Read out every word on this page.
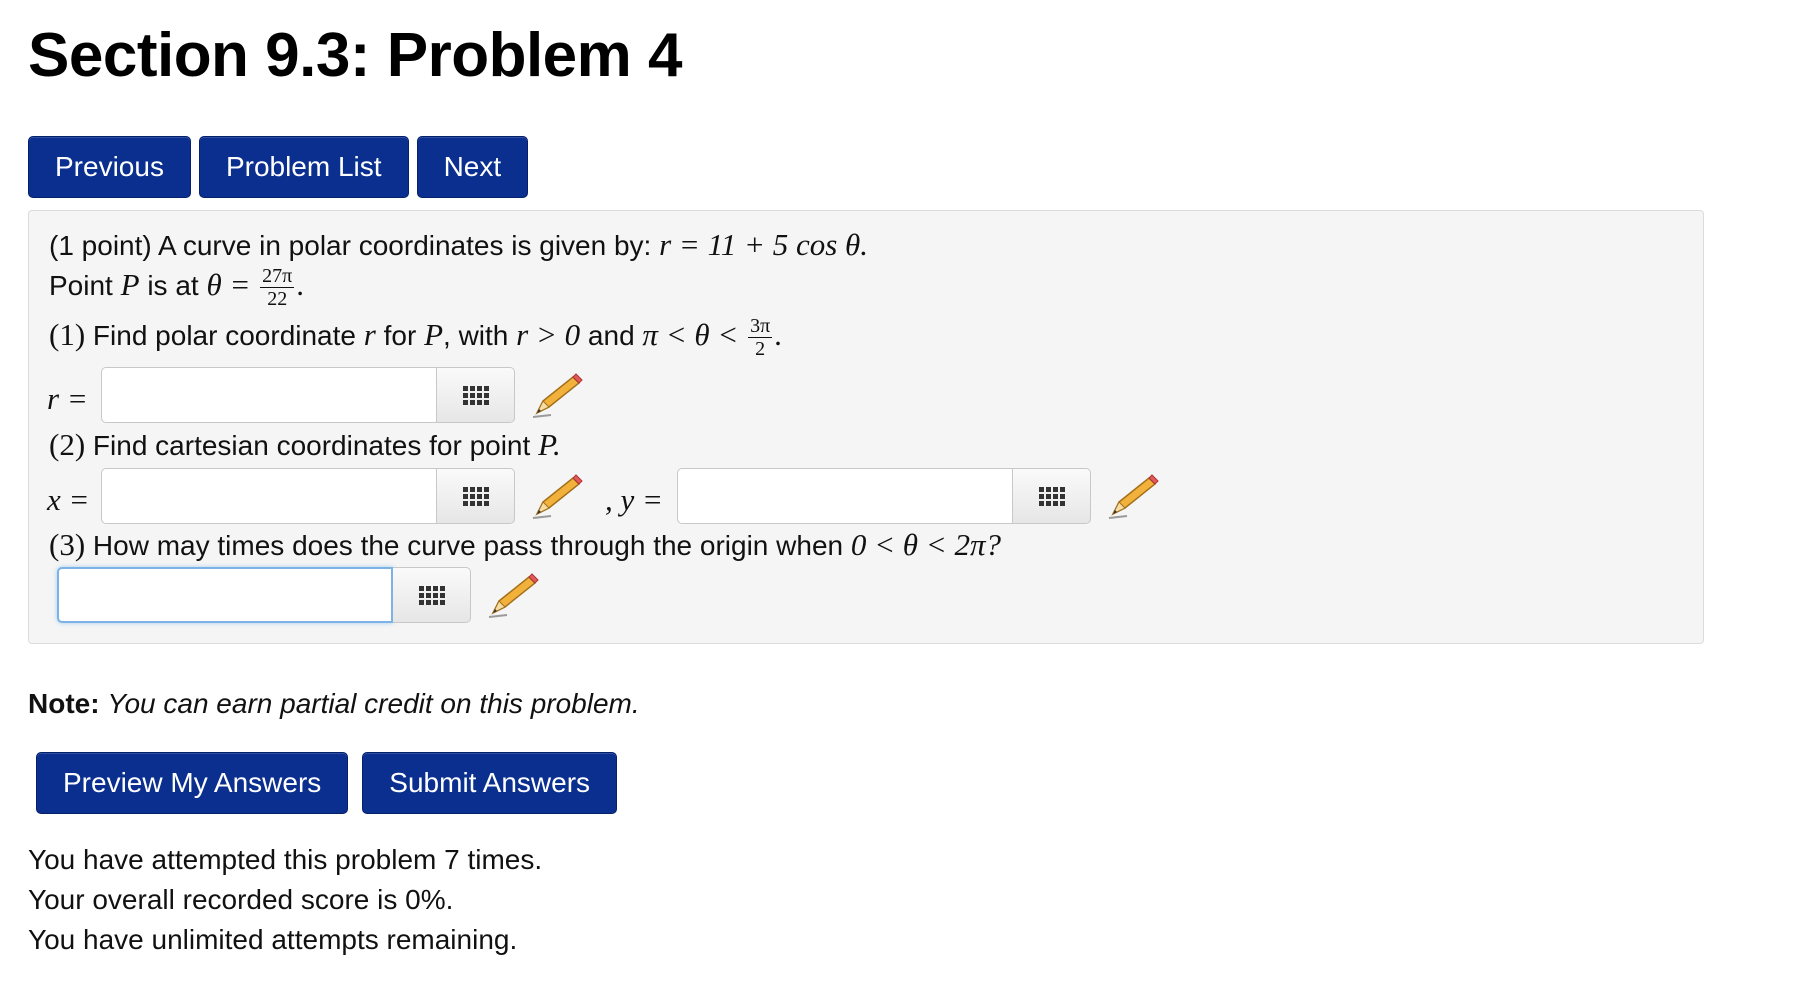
Section 9.3: Problem 4
Previous	Problem List	Next
(1 point) A curve in polar coordinates is given by: r = 11 + 5 cos θ.
Point P is at $\theta = \frac{27\pi}{22}$ .
(1) Find polar coordinate r for P, with r > 0 and $\pi < \theta < \frac{3\pi}{2}$ .
r =
(2) Find cartesian coordinates for point P.
x =	, y =
(3) How may times does the curve pass through the origin when 0 < θ < 2π?
Note: You can earn partial credit on this problem.
Preview My Answers	Submit Answers
You have attempted this problem 7 times.
Your overall recorded score is 0%.
You have unlimited attempts remaining.
